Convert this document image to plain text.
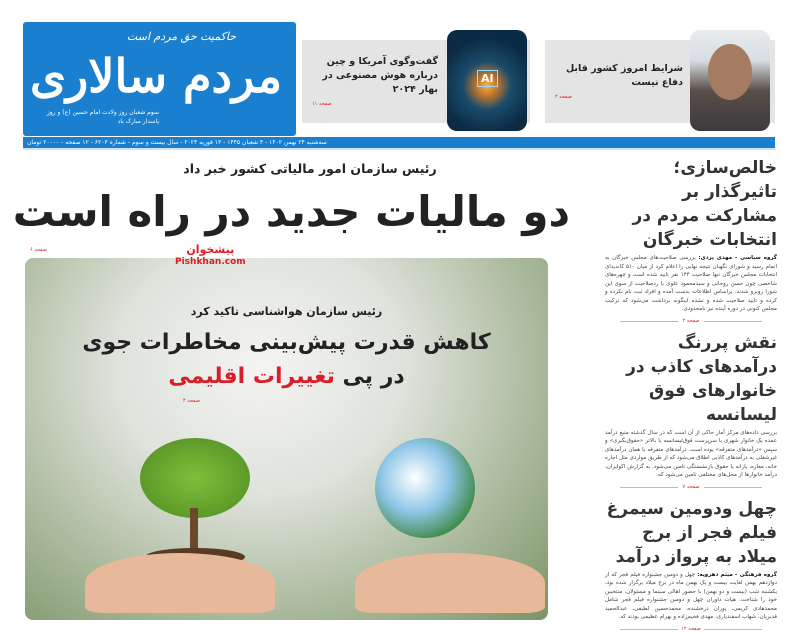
حاکمیت حق مردم است
مردم سالاری
سوم شعبان روز ولادت امام حسین (ع) و روز پاسدار مبارک باد
سه‌شنبه ۲۴ بهمن ۱۴۰۲ - ۳ شعبان ۱۴۴۵ - ۱۳ فوریه ۲۰۲۴ - سال بیست و سوم - شماره ۶۲۰۳ - ۱۲ صفحه - ۲۰۰۰۰ تومان
گفت‌وگوی آمریکا و چین درباره هوش مصنوعی در بهار ۲۰۲۴
صفحه ۱۱
AI
شرایط امروز کشور قابل دفاع نیست
صفحه ۲
رئیس سازمان امور مالیاتی کشور خبر داد
دو مالیات جدید در راه است
صفحه ۶
رئیس سازمان هواشناسی تاکید کرد
کاهش قدرت پیش‌بینی مخاطرات جوی
در پی تغییرات اقلیمی
صفحه ۴
پیشخوان
Pishkhan.com
خالص‌سازی؛ تاثیرگذار بر مشارکت مردم در انتخابات خبرگان

گروه سیاسی - مهدی یزدی: بررسی صلاحیت‌های مجلس خبرگان به اتمام رسید و شورای نگهبان نتیجه نهایی را اعلام کرد از میان ۵۱۰ کاندیدای انتخابات مجلس خبرگان تنها صلاحیت ۱۴۴ نفر تایید شده است و چهره‌های شاخصی چون حسن روحانی و سیدمحمود علوی با ردصلاحیت از سوی این شورا روبرو شدند. براساس اطلاعات بدست آمده و افراد ثبت نام نکرده و کرده و تایید صلاحیت شده و نشده اینگونه برداشت می‌شود که ترکیب مجلس کنونی در دوره آینده نیز نامحدودی.

صفحه ۲
نقش پررنگ درآمدهای کاذب در خانوارهای فوق لیسانسه

بررسی داده‌های مرکز آمار حاکی از آن است که در سال گذشته منبع درآمد عمده یک خانوار شهری با سرپرست فوق‌لیسانسه یا بالاتر «حقوق‌بگیری» و سپس «درآمدهای متفرقه» بوده است. درآمدهای متفرقه یا همان درآمدهای غیرشغلی به درآمدهای کاذبی اطلاق می‌شود که از طریق مواردی مثل اجاره خانه، مغازه، یارانه یا حقوق بازنشستگی تامین می‌شود. به گزارش اکوایران، درآمد خانوارها از محل‌های مختلفی تامین می‌شود که.

صفحه ۷
چهل ودومین سیمرغ فیلم فجر از برج میلاد به پرواز درآمد

گروه فرهنگی - میثم دهرویه: چهل و دومین جشنواره فیلم فجر که از دوازدهم بهمن لغایت بیست و یک بهمن ماه در برج میلاد برگزار شده بود، یکشنبه شب (بیست و دو بهمن) با حضور اهالی سینما و مسئولان، منتخبین خود را شناخت. هیات داوران چهل و دومین جشنواره فیلم فجر شامل محمدهادی کریمی، پوران درخشنده، محمدحسین لطیفی، عبدالحمید قدیریان، شهاب اسفندیاری، مهدی فخیم‌زاده و بهرام عظیمی بودند که.

صفحه ۱۲
